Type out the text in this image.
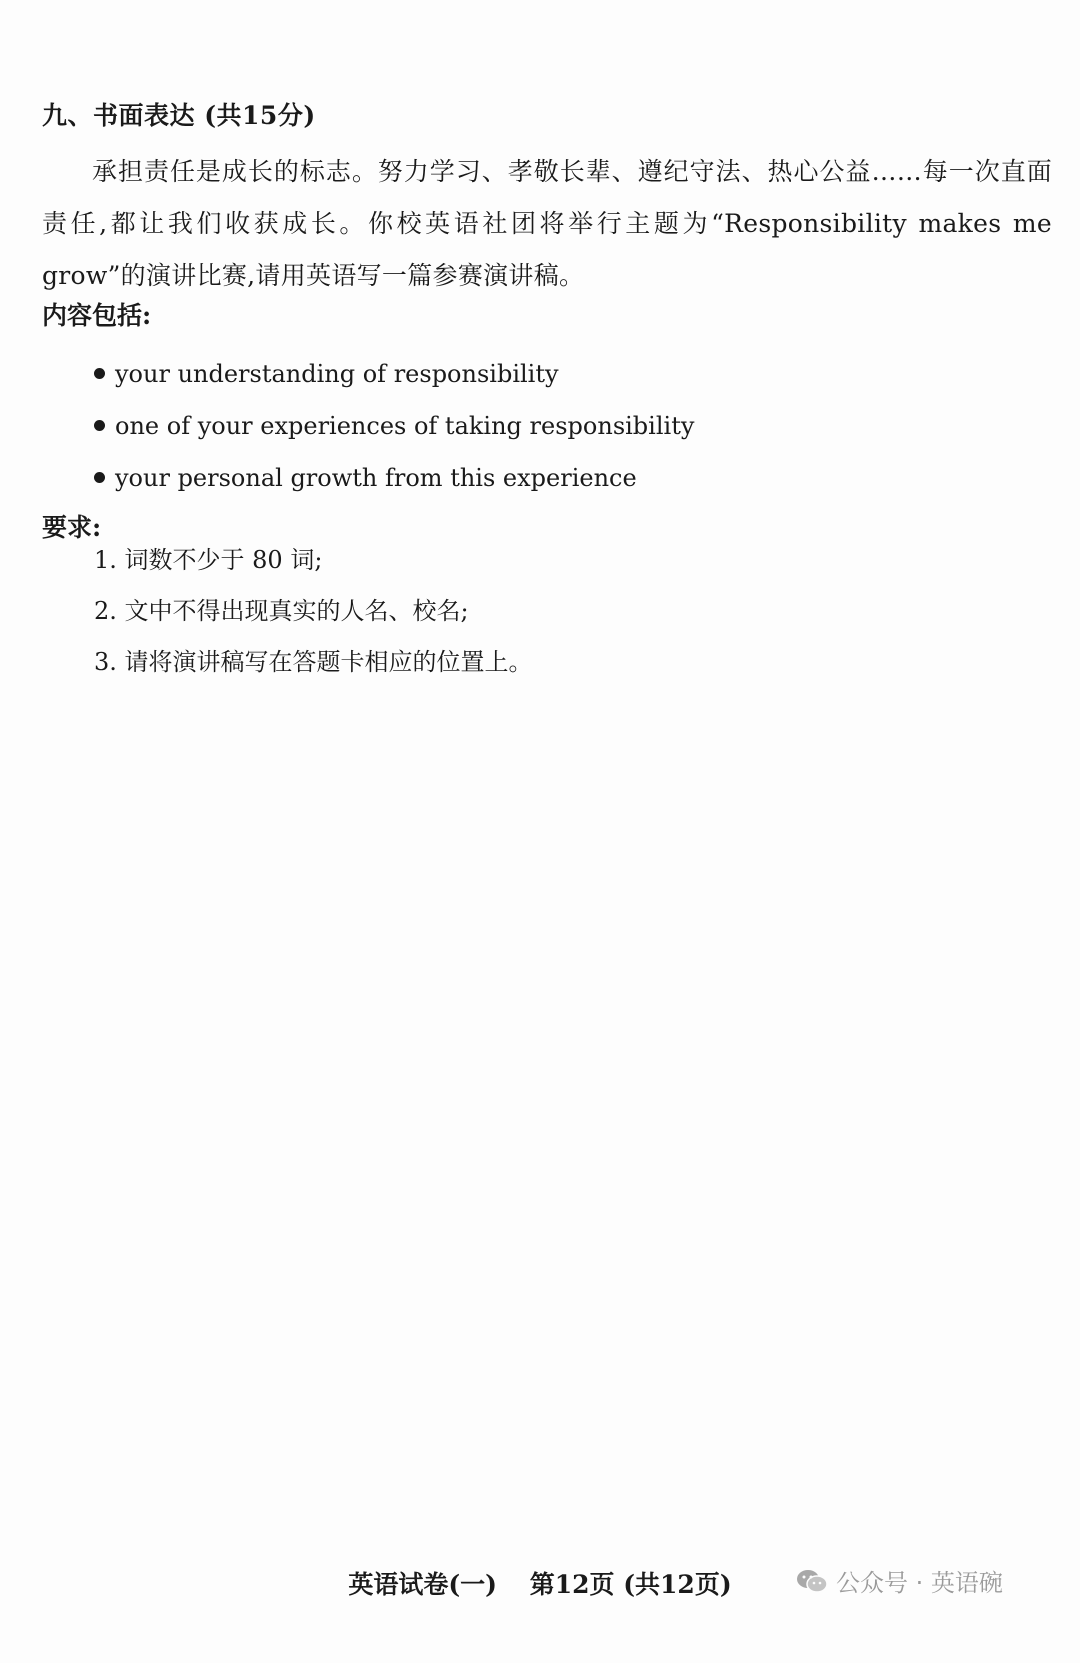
九、书面表达 (共15分)
承担责任是成长的标志。努力学习、孝敬长辈、遵纪守法、热心公益……每一次直面责任,都让我们收获成长。你校英语社团将举行主题为“Responsibility makes me grow”的演讲比赛,请用英语写一篇参赛演讲稿。
内容包括:
your understanding of responsibility
one of your experiences of taking responsibility
your personal growth from this experience
要求:
1. 词数不少于 80 词;
2. 文中不得出现真实的人名、校名;
3. 请将演讲稿写在答题卡相应的位置上。
英语试卷(一) 第12页 (共12页)	公众号 · 英语碗
